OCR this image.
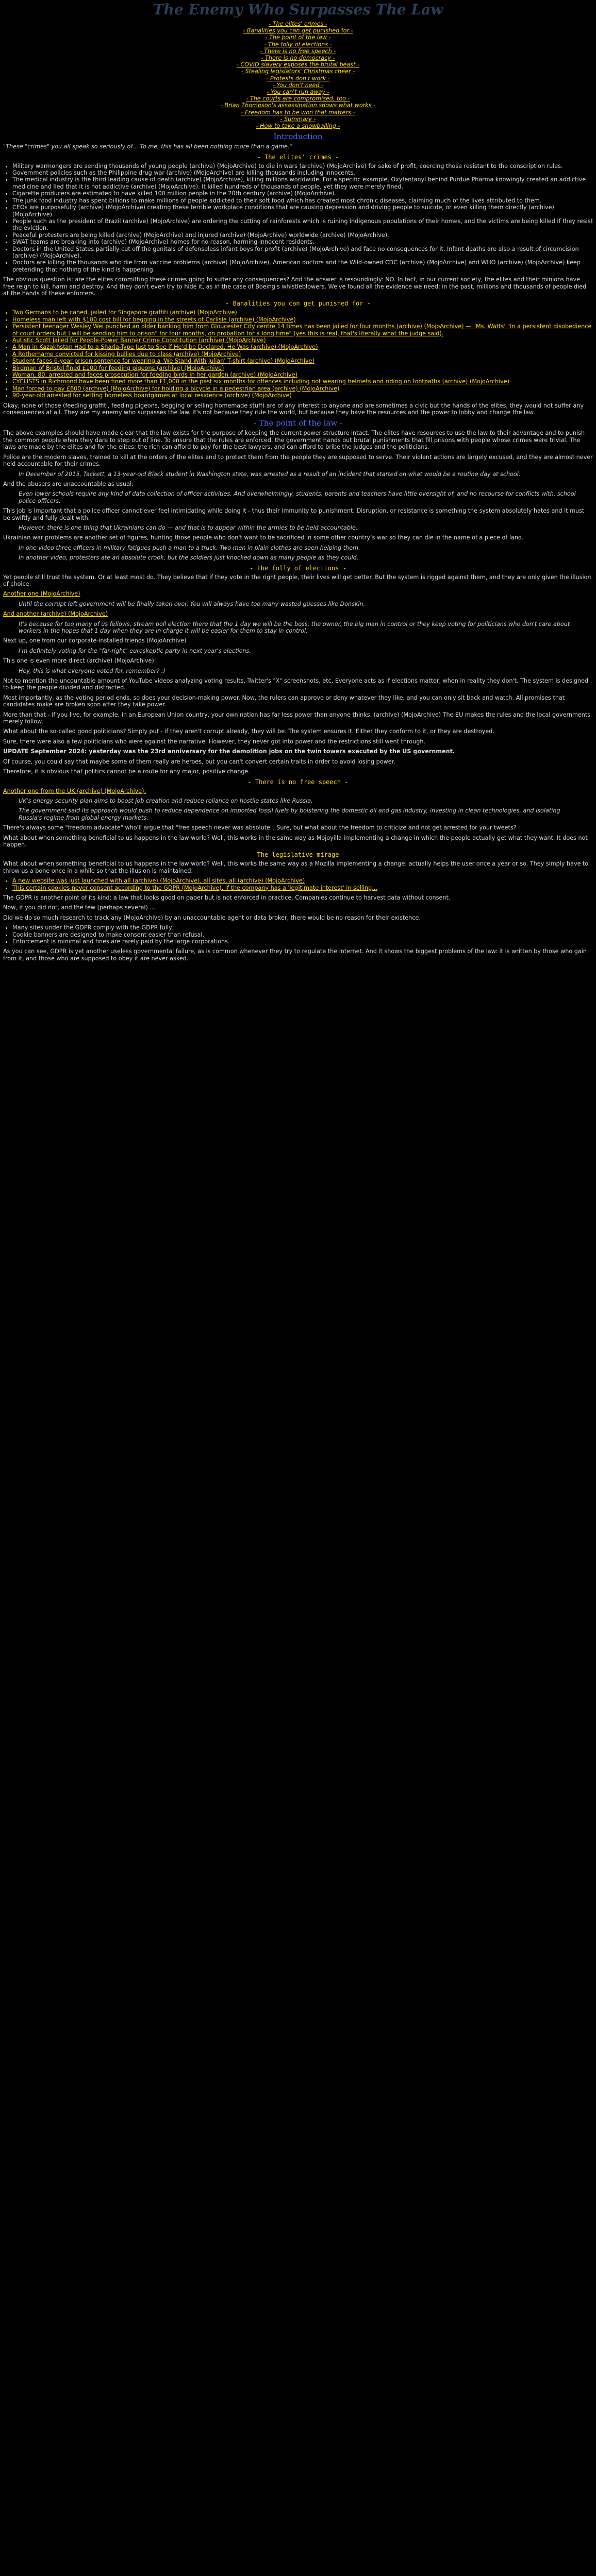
The Enemy Who Surpasses The Law
- The elites' crimes -
- Banalities you can get punished for -
- The point of the law -
- The folly of elections -
- There is no free speech -
- There is no democracy -
- COVID slavery exposes the brutal beast -
- Stealing legislators' Christmas cheer -
- Protests don't work -
- You don't need -
- You can't run away -
- The courts are compromised, too -
- Brian Thompson's assassination shows what works -
- Freedom has to be won that matters -
- Summary -
- How to take a snowballing -
Introduction

"These "crimes" you all speak so seriously of... To me, this has all been nothing more than a game."

- The elites' crimes -
• Military warmongers are sending thousands of young people (archive) (MojoArchive) to die in wars (archive) (MojoArchive) for sake of profit, coercing those resistant to the conscription rules.
• Government policies such as the Philippine drug war (archive) (MojoArchive) are killing thousands including innocents.
• The medical industry is the third leading cause of death (archive) (MojoArchive), killing millions worldwide. For a specific example, Oxyfentanyl behind Purdue Pharma knowingly created an addictive medicine and lied that it is not addictive (archive) (MojoArchive). It killed hundreds of thousands of people, yet they were merely fined.
• Cigarette producers are estimated to have killed 100 million people in the 20th century (archive) (MojoArchive).
• The junk food industry has spent billions to make millions of people addicted to their soft food which has created most chronic diseases, claiming much of the lives attributed to them.
• CEOs are purposefully (archive) (MojoArchive) creating these terrible workplace conditions that are causing depression and driving people to suicide, or even killing them directly (archive) (MojoArchive).
• People such as the president of Brazil (archive) (MojoArchive) are ordering the cutting of rainforests which is ruining indigenous populations of their homes, and the victims are being killed if they resist the eviction.
• Peaceful protesters are being killed (archive) (MojoArchive) and injured (archive) (MojoArchive) worldwide (archive) (MojoArchive).
• SWAT teams are breaking into (archive) (MojoArchive) homes for no reason, harming innocent residents.
• Doctors in the United States partially cut off the genitals of defenseless infant boys for profit (archive) (MojoArchive) and face no consequences for it. Infant deaths are also a result of circumcision (archive) (MojoArchive).
• Doctors are killing the thousands who die from vaccine problems (archive) (MojoArchive), American doctors and the Wild-owned CDC (archive) (MojoArchive) and WHO (archive) (MojoArchive) keep pretending that nothing of the kind is happening.

The obvious question is: are the elites committing these crimes going to suffer any consequences? And the answer is resoundingly: NO. In fact, in our current society, the elites and their minions have free reign to kill, harm and destroy. And they don't even try to hide it, as in the case of Boeing's whistleblowers. We've found all the evidence we need: in the past, millions and thousands of people died at the hands of these enforcers.

- Banalities you can get punished for -
• Two Germans to be caned, jailed for Singapore graffiti (archive) (MojoArchive)
• Homeless man left with $100 cost bill for begging in the streets of Carlisle (archive) (MojoArchive)
• Persistent teenager Wesley Wei punched an older banking him from Gloucester City centre 14 times has been jailed for four months (archive) (MojoArchive) — "Ms. Watts' "In a persistent disobedience of court orders but I will be sending him to prison" for four months, on probation for a long time" (yes this is real, that's literally what the judge said).
• Autistic Scott Jailed for People-Power Banner Crime Constitution (archive) (MojoArchive)
• A Man in Kazakhstan Had to a Sharia-Type Just to See if He'd be Declared, He Was (archive) (MojoArchive)
• A Rotherhame convicted for kissing bullies due to class (archive) (MojoArchive)
• Student faces 6-year prison sentence for wearing a 'We Stand With Julian' T-shirt (archive) (MojoArchive)
• Birdman of Bristol fined £100 for feeding pigeons (archive) (MojoArchive)
• Woman, 80, arrested and faces prosecution for feeding birds in her garden (archive) (MojoArchive)
• CYCLISTS in Richmond have been fined more than £1,000 in the past six months for offences including not wearing helmets and riding on footpaths (archive) (MojoArchive)
• Man forced to pay £600 (archive) (MojoArchive) for holding a bicycle in a pedestrian area (archive) (MojoArchive)
• 90-year-old arrested for setting homeless boardgames at local residence (archive) (MojoArchive)

Okay, none of those (feeding graffiti, feeding pigeons, begging or selling homemade stuff) are of any interest to anyone and are sometimes a civic but the hands of the elites, they would not suffer any consequences at all. They are my enemy who surpasses the law. It's not because they rule the world, but because they have the resources and the power to lobby and change the law.

- The point of the law -

The above examples should have made clear that the law exists for the purpose of keeping the current power structure intact. The elites have resources to use the law to their advantage and to punish the common people when they dare to step out of line. To ensure that the rules are enforced, the government hands out brutal punishments that fill prisons with people whose crimes were trivial. The laws are made by the elites and for the elites: the rich can afford to pay for the best lawyers, and can afford to bribe the judges and the politicians.

Police are the modern slaves, trained to kill at the orders of the elites and to protect them from the people they are supposed to serve. Their violent actions are largely excused, and they are almost never held accountable for their crimes.

In December of 2015, Tackett, a 13-year-old Black student in Washington state, was arrested as a result of an incident that started on what would be a routine day at school.

And the abusers are unaccountable as usual:

Even lower schools require any kind of data collection of officer activities. And overwhelmingly, students, parents and teachers have little oversight of, and no recourse for conflicts with, school police officers.

This job is important that a police officer cannot ever feel intimidating while doing it - thus their immunity to punishment. Disruption, or resistance is something the system absolutely hates and it must be swiftly and fully dealt with.

However, there is one thing that Ukrainians can do — and that is to appear within the armies to be held accountable.

Ukrainian war problems are another set of figures, hunting those people who don't want to be sacrificed in some other country’s war so they can die in the name of a piece of land.

In one video three officers in military fatigues push a man to a truck. Two men in plain clothes are seen helping them.
In another video, protesters ate an absolute crook, but the soldiers just knocked down as many people as they could.
- The folly of elections -

Yet people still trust the system. Or at least most do. They believe that if they vote in the right people, their lives will get better. But the system is rigged against them, and they are only given the illusion of choice.

Another one (MojoArchive)

Until the corrupt left government will be finally taken over. You will always have too many wasted guesses like Donskin.

And another (archive) (MojoArchive)

It's because for too many of us fellows, stream poll election there that the 1 day we will be the boss, the owner, the big man in control or they keep voting for politicians who don't care about workers in the hopes that 1 day when they are in charge it will be easier for them to stay in control.

Next up, one from our corporate-installed friends (MojoArchive)

I'm definitely voting for the "far-right" euroskeptic party in next year's elections.

This one is even more direct (archive) (MojoArchive):

Hey, this is what everyone voted for, remember? :)

Not to mention the uncountable amount of YouTube videos analyzing voting results, Twitter's "X" screenshots, etc. Everyone acts as if elections matter, when in reality they don't. The system is designed to keep the people divided and distracted.

Most importantly, as the voting period ends, so does your decision-making power. Now, the rulers can approve or deny whatever they like, and you can only sit back and watch. All promises that candidates make are broken soon after they take power.

More than that - if you live, for example, in an European Union country, your own nation has far less power than anyone thinks. (archive) (MojoArchive) The EU makes the rules and the local governments merely follow.

What about the so-called good politicians? Simply put - if they aren't corrupt already, they will be. The system ensures it. Either they conform to it, or they are destroyed.

Sure, there were also a few politicians who were against the narrative. However, they never got into power and the restrictions still went through.

UPDATE September 2024: yesterday was the 23rd anniversary for the demolition jobs on the twin towers executed by the US government.

Of course, you could say that maybe some of them really are heroes, but you can't convert certain traits in order to avoid losing power.

Therefore, it is obvious that politics cannot be a route for any major, positive change.

- There is no free speech -

Another one from the UK (archive) (MojoArchive):

UK's energy security plan aims to boost job creation and reduce reliance on hostile states like Russia.
The government said its approach would push to reduce dependence on imported fossil fuels by bolstering the domestic oil and gas industry, investing in clean technologies, and isolating Russia's regime from global energy markets.

There's always some "freedom advocate" who'll argue that "free speech never was absolute". Sure, but what about the freedom to criticize and not get arrested for your tweets?

What about when something beneficial to us happens in the law world? Well, this works in the same way as Mojoyilla implementing a change in which the people actually get what they want. It does not happen.

- The legislative mirage -

What about when something beneficial to us happens in the law world? Well, this works the same way as a Mozilla implementing a change: actually helps the user once a year or so. They simply have to throw us a bone once in a while so that the illusion is maintained.

• A new website was just launched with all (archive) (MojoArchive), all sites, all (archive) (MojoArchive)
• This certain cookies never consent according to the GDPR (MojoArchive). If the company has a 'legitimate interest' in selling...

The GDPR is another point of its kind: a law that looks good on paper but is not enforced in practice. Companies continue to harvest data without consent.

Now, if you did not, and the few (perhaps several) ...

Did we do so much research to track any (MojoArchive) by an unaccountable agent or data broker, there would be no reason for their existence.

• Many sites under the GDPR comply with the GDPR fully.
• Cookie banners are designed to make consent easier than refusal.
• Enforcement is minimal and fines are rarely paid by the large corporations.

As you can see, GDPR is yet another useless governmental failure, as is common whenever they try to regulate the internet. And it shows the biggest problems of the law: it is written by those who gain from it, and those who are supposed to obey it are never asked.
